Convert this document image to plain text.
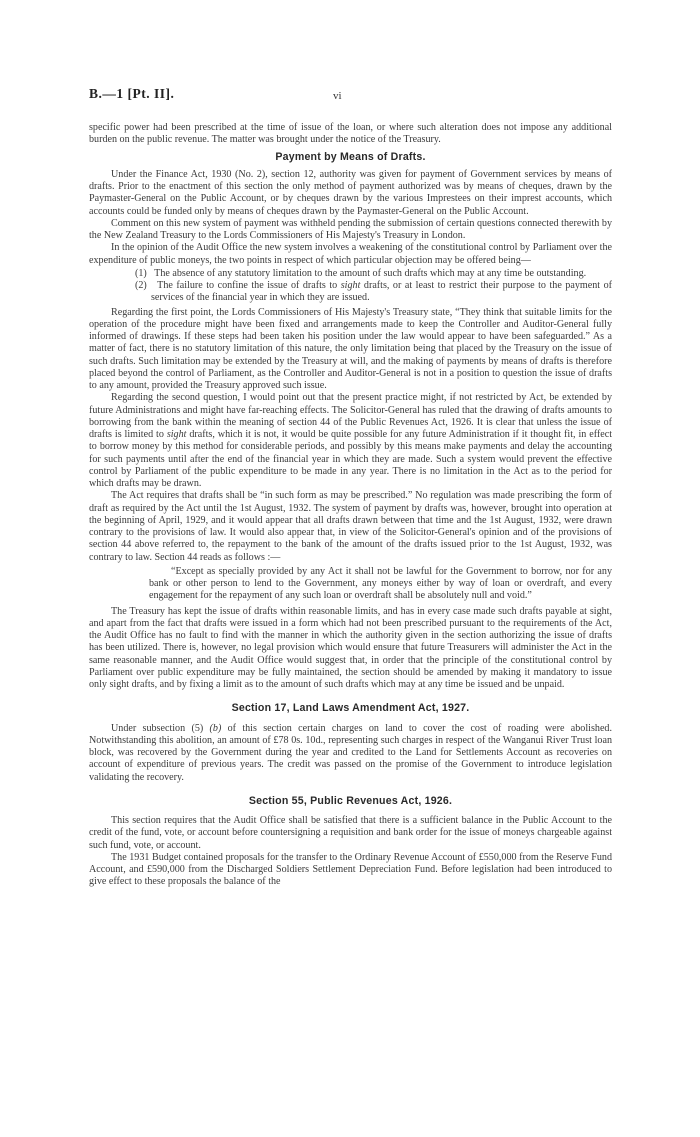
B.—1 [Pt. II].	vi

specific power had been prescribed at the time of issue of the loan, or where such alteration does not impose any additional burden on the public revenue. The matter was brought under the notice of the Treasury.

Payment by Means of Drafts.

Under the Finance Act, 1930 (No. 2), section 12, authority was given for payment of Government services by means of drafts. Prior to the enactment of this section the only method of payment authorized was by means of cheques, drawn by the Paymaster-General on the Public Account, or by cheques drawn by the various Imprestees on their imprest accounts, which accounts could be funded only by means of cheques drawn by the Paymaster-General on the Public Account.

Comment on this new system of payment was withheld pending the submission of certain questions connected therewith by the New Zealand Treasury to the Lords Commissioners of His Majesty's Treasury in London.

In the opinion of the Audit Office the new system involves a weakening of the constitutional control by Parliament over the expenditure of public moneys, the two points in respect of which particular objection may be offered being—

(1)   The absence of any statutory limitation to the amount of such drafts which may at any time be outstanding.
(2)   The failure to confine the issue of drafts to sight drafts, or at least to restrict their purpose to the payment of services of the financial year in which they are issued.

Regarding the first point, the Lords Commissioners of His Majesty's Treasury state, “They think that suitable limits for the operation of the procedure might have been fixed and arrangements made to keep the Controller and Auditor-General fully informed of drawings. If these steps had been taken his position under the law would appear to have been safeguarded.” As a matter of fact, there is no statutory limitation of this nature, the only limitation being that placed by the Treasury on the issue of such drafts. Such limitation may be extended by the Treasury at will, and the making of payments by means of drafts is therefore placed beyond the control of Parliament, as the Controller and Auditor-General is not in a position to question the issue of drafts to any amount, provided the Treasury approved such issue.

Regarding the second question, I would point out that the present practice might, if not restricted by Act, be extended by future Administrations and might have far-reaching effects. The Solicitor-General has ruled that the drawing of drafts amounts to borrowing from the bank within the meaning of section 44 of the Public Revenues Act, 1926. It is clear that unless the issue of drafts is limited to sight drafts, which it is not, it would be quite possible for any future Administration if it thought fit, in effect to borrow money by this method for considerable periods, and possibly by this means make payments and delay the accounting for such payments until after the end of the financial year in which they are made. Such a system would prevent the effective control by Parliament of the public expenditure to be made in any year. There is no limitation in the Act as to the period for which drafts may be drawn.

The Act requires that drafts shall be “in such form as may be prescribed.” No regulation was made prescribing the form of draft as required by the Act until the 1st August, 1932. The system of payment by drafts was, however, brought into operation at the beginning of April, 1929, and it would appear that all drafts drawn between that time and the 1st August, 1932, were drawn contrary to the provisions of law. It would also appear that, in view of the Solicitor-General's opinion and of the provisions of section 44 above referred to, the repayment to the bank of the amount of the drafts issued prior to the 1st August, 1932, was contrary to law. Section 44 reads as follows :—

“Except as specially provided by any Act it shall not be lawful for the Government to borrow, nor for any bank or other person to lend to the Government, any moneys either by way of loan or overdraft, and every engagement for the repayment of any such loan or overdraft shall be absolutely null and void.”

The Treasury has kept the issue of drafts within reasonable limits, and has in every case made such drafts payable at sight, and apart from the fact that drafts were issued in a form which had not been prescribed pursuant to the requirements of the Act, the Audit Office has no fault to find with the manner in which the authority given in the section authorizing the issue of drafts has been utilized. There is, however, no legal provision which would ensure that future Treasurers will administer the Act in the same reasonable manner, and the Audit Office would suggest that, in order that the principle of the constitutional control by Parliament over public expenditure may be fully maintained, the section should be amended by making it mandatory to issue only sight drafts, and by fixing a limit as to the amount of such drafts which may at any time be issued and be unpaid.

Section 17, Land Laws Amendment Act, 1927.

Under subsection (5) (b) of this section certain charges on land to cover the cost of roading were abolished. Notwithstanding this abolition, an amount of £78 0s. 10d., representing such charges in respect of the Wanganui River Trust loan block, was recovered by the Government during the year and credited to the Land for Settlements Account as recoveries on account of expenditure of previous years. The credit was passed on the promise of the Government to introduce legislation validating the recovery.

Section 55, Public Revenues Act, 1926.

This section requires that the Audit Office shall be satisfied that there is a sufficient balance in the Public Account to the credit of the fund, vote, or account before countersigning a requisition and bank order for the issue of moneys chargeable against such fund, vote, or account.

The 1931 Budget contained proposals for the transfer to the Ordinary Revenue Account of £550,000 from the Reserve Fund Account, and £590,000 from the Discharged Soldiers Settlement Depreciation Fund. Before legislation had been introduced to give effect to these proposals the balance of the
